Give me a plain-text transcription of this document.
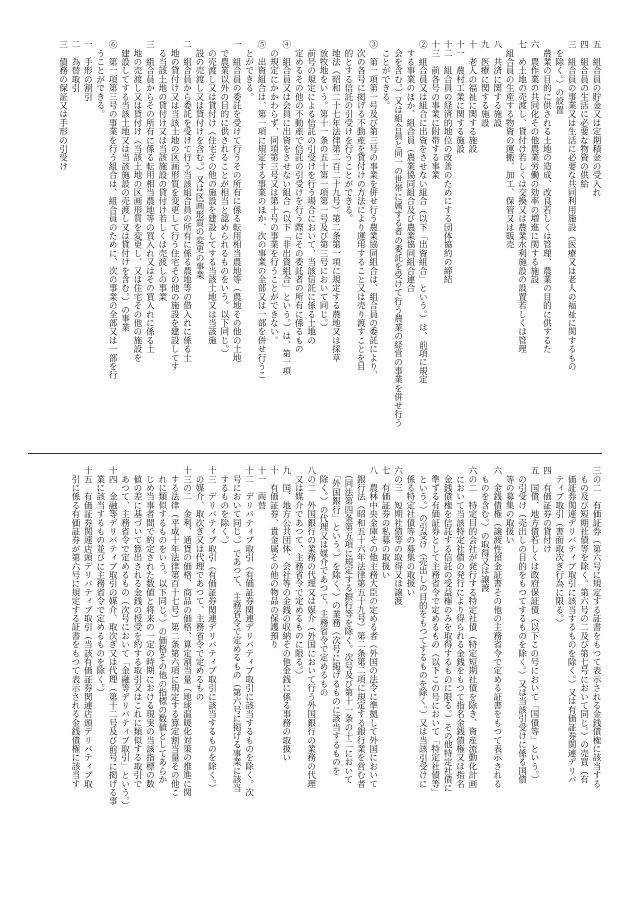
五　組合員の貯金又は定期積金の受入れ
四　組合員の生活に必要な物資の供給
三　組合員の事業又は生活に必要な共同利用施設（医療又は老人の福祉に関するもの
　を除く。）の設置
　農業の目的に供される土地の造成、改良若しくは管理、農業の目的に供するた
六　農作業の共同化その他農業労働の効率の増進に関する施設
七　め土地の売渡し、貸付け若しくは交換又は農業水利施設の設置若しくは管理
　組合員の生産する物資の運搬、加工、保管又は販売
八　共済に関する施設
九　医療に関する施設
十　老人の福祉に関する施設
十一　農村工業に関する施設
十二　組合員の経済的地位の改善のためにする団体協約の締結
十三　前各号の事業に附帯する事業
②　組合員又は組合に出資をさせない組合（以下「出資組合」という。）は、前項に規定
　する事業のほか、組合員（農業協同組合及び農業協同組合連合
　会を含む。）又は組合員と同一の世帯に属する者の委託を受けて行う農業の経営の事業を併せ行う
　ことができる。
③　第一項第一号及び第三号の事業を併せ行う農業協同組合は、組合員の委託により、
　次の各号に掲げる不動産を貸付けの方法により運用すること又は売り渡すことを目
　的とする信託の引受けを行うことができる。
　地法（昭和二十七年法律第二百二十九号）第二条第一項に規定する農地又は採草
　放牧地をいう。第十一条の五十第一項第一号及び第三号において同じ。）
　前号の規定による信託の引受けを行う場合において、当該信託に係る土地の
　定めるその他の不動産で信託の引受けを行う際にその委託者の所有に係るもの
④　組合員又は会員に出資をさせない組合（以下「非出資組合」という。）は、第一項
　の規定にかかわらず、同項第三号又は第十号の事業を行うことができない。
⑤　出資組合は、第一項に規定する事業のほか、次の事業の全部又は一部を併せ行うこ
　とができる。
一　組合員の委託を受けて行うその所有に係る転用相当農地等（農地その他の土地
　で農業以外の目的に供されることが相当と認められるものをいう。以下同じ。）
　の売渡し又は貸付け（住宅その他の施設を建設してする当該土地又は当該施
　設の売渡し又は貸付けを含む。）又は区画形質の変更の事業
二　組合員から委託を受けて行う当該組合員の所有に係る農地等の借入れに係る土
　地の貸付け又は当該土地の区画形質を変更して行う住宅その他の施設を建設してす
　る当該土地の貸付け又は当該施設の貸付け若しくは売渡しの事業
三　組合員からその所有に係る転用相当農地等の買入れ又はその買入れに係る土
　地の売渡し又は貸付け（当該土地の区画形質を変更し、又は住宅その他の施設を
　建設してする当該土地又は当該施設の売渡し又は貸付けを含む。）の事業
⑥　第一項第三号の事業を行う組合は、組合員のために、次の事業の全部又は一部を行
　うことができる。
一　手形の割引
二　為替取引
三　債務の保証又は手形の引受け
三の二　有価証券（第六号に規定する証書をもつて表示される金銭債権に該当する
　もの及び短期社債等を除く。第六号の二及び第七号において同じ。）の売買（有
　価証券関連デリバティブ取引に該当するものを除く。）又は有価証券関連デリバ
　ティブ取引（書面取次ぎ行為に限る。）
四　有価証券の貸付け
五　国債、地方債若しくは政府保証債（以下この号において「国債等」という。）
　の引受け（売出しの目的をもつてするものを除く。）又は当該引受けに係る国債
　等の募集の取扱い
六　金銭債権（譲渡性預金証書その他の主務省令で定める証書をもつて表示される
　ものを含む。）の取得又は譲渡
六の二　特定目的会社が発行する特定社債（特定短期社債を除き、資産流動化計画
　において当該特定社債の発行により得られる金銭をもつて指名金銭債権又は指名
　金銭債権を信託する信託の受益権のみを取得するものに限る。）その他特定社債に
　準ずる有価証券として主務省令で定めるもの（以下この号において「特定社債等」
　という。）の引受け（売出しの目的をもつてするものを除く。）又は当該引受けに
　係る特定社債等の募集の取扱い
六の三　短期社債等の取得又は譲渡
七　有価証券の私募の取扱い
八　農林中央金庫その他主務大臣の定める者（外国の法令に準拠して外国において
　銀行法（昭和五十六年法律第五十九号）第二条第二項に規定する銀行業を営む者
　（同法第四条第五項に規定する銀行等を除く。次号及び第十一条の十二において
　「外国銀行」という。）を除く。）の業務（次号に掲げるものに該当するものを
　除く。）の代理又は媒介であつて、主務省令で定めるもの
八の二　外国銀行の業務の代理又は媒介（外国において行う外国銀行の業務の代理
　又は媒介であつて、主務省令で定めるものに限る。）
九　国、地方公共団体、会社等の金銭の収納その他金銭に係る事務の取扱い
十　有価証券、貴金属その他の物品の保護預り
十一　両替
十二　デリバティブ取引（有価証券関連デリバティブ取引に該当するものを除く。次
　号において同じ。）であつて、主務省令で定めるもの（第六号に掲げる事業に該当
　するものを除く。）
十三　デリバティブ取引（有価証券関連デリバティブ取引に該当するものを除く。）
　の媒介、取次ぎ又は代理であつて、主務省令で定めるもの
十三の二　金利、通貨の価格、商品の価格、算定割当量（地球温暖化対策の推進に関
　する法律（平成十年法律第百十七号）第二条第六項に規定する算定割当量その他こ
　れに類似するものをいう。以下同じ。）の価格その他の指標の数値としてあらか
　じめ当事者間で約定された数値と将来の一定の時期における現実の当該指標の数
　値の差に基づいて算出される金銭の授受を約する取引又はこれに類似する取引で
　あつて、主務省令で定めるもの（次号において「金融等デリバティブ取引」という。）
十四　金融等デリバティブ取引の媒介、取次ぎ又は代理（第十二号及び前号に掲げる事
　業に該当するもの並びに主務省令で定めるものを除く。）
十五　有価証券関連店頭デリバティブ取引（当該有価証券関連店頭デリバティブ取
　引に係る有価証券が第六号に規定する証書をもつて表示される金銭債権に該当す
